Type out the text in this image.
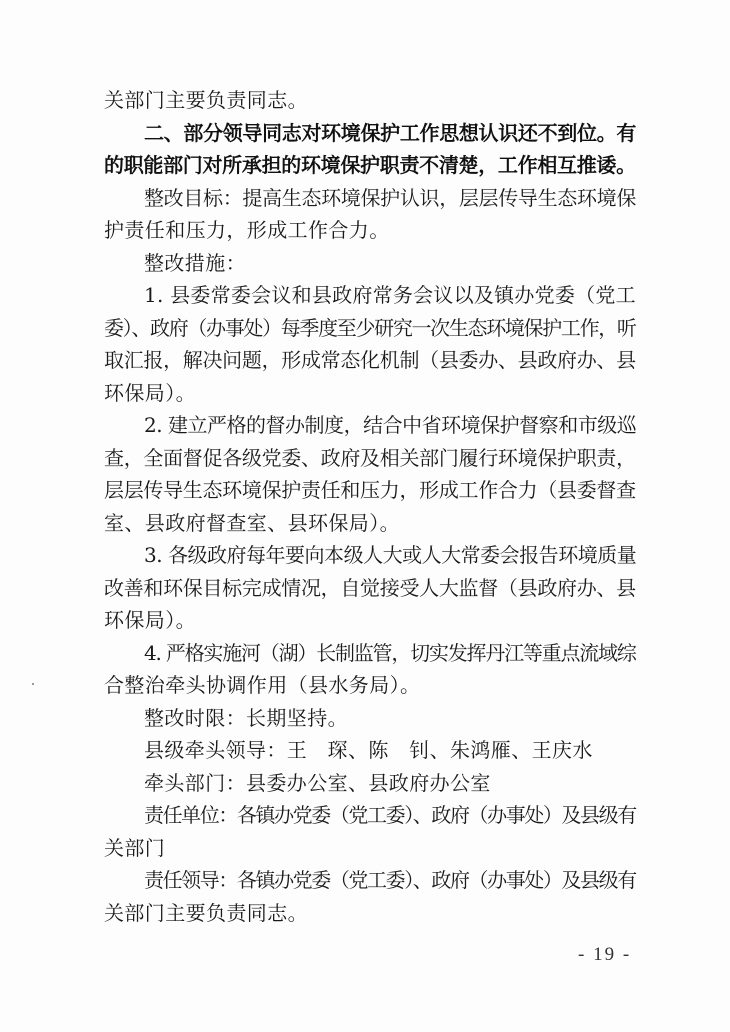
关部门主要负责同志。
二、部分领导同志对环境保护工作思想认识还不到位。有
的职能部门对所承担的环境保护职责不清楚，工作相互推诿。
整改目标：提高生态环境保护认识，层层传导生态环境保
护责任和压力，形成工作合力。
整改措施：
1. 县委常委会议和县政府常务会议以及镇办党委（党工
委）、政府（办事处）每季度至少研究一次生态环境保护工作，听
取汇报，解决问题，形成常态化机制（县委办、县政府办、县
环保局）。
2. 建立严格的督办制度，结合中省环境保护督察和市级巡
查，全面督促各级党委、政府及相关部门履行环境保护职责，
层层传导生态环境保护责任和压力，形成工作合力（县委督查
室、县政府督查室、县环保局）。
3. 各级政府每年要向本级人大或人大常委会报告环境质量
改善和环保目标完成情况，自觉接受人大监督（县政府办、县
环保局）。
4. 严格实施河（湖）长制监管，切实发挥丹江等重点流域综
合整治牵头协调作用（县水务局）。
整改时限：长期坚持。
县级牵头领导：王　琛、陈　钊、朱鸿雁、王庆水
牵头部门：县委办公室、县政府办公室
责任单位：各镇办党委（党工委）、政府（办事处）及县级有
关部门
责任领导：各镇办党委（党工委）、政府（办事处）及县级有
关部门主要负责同志。
- 19 -
